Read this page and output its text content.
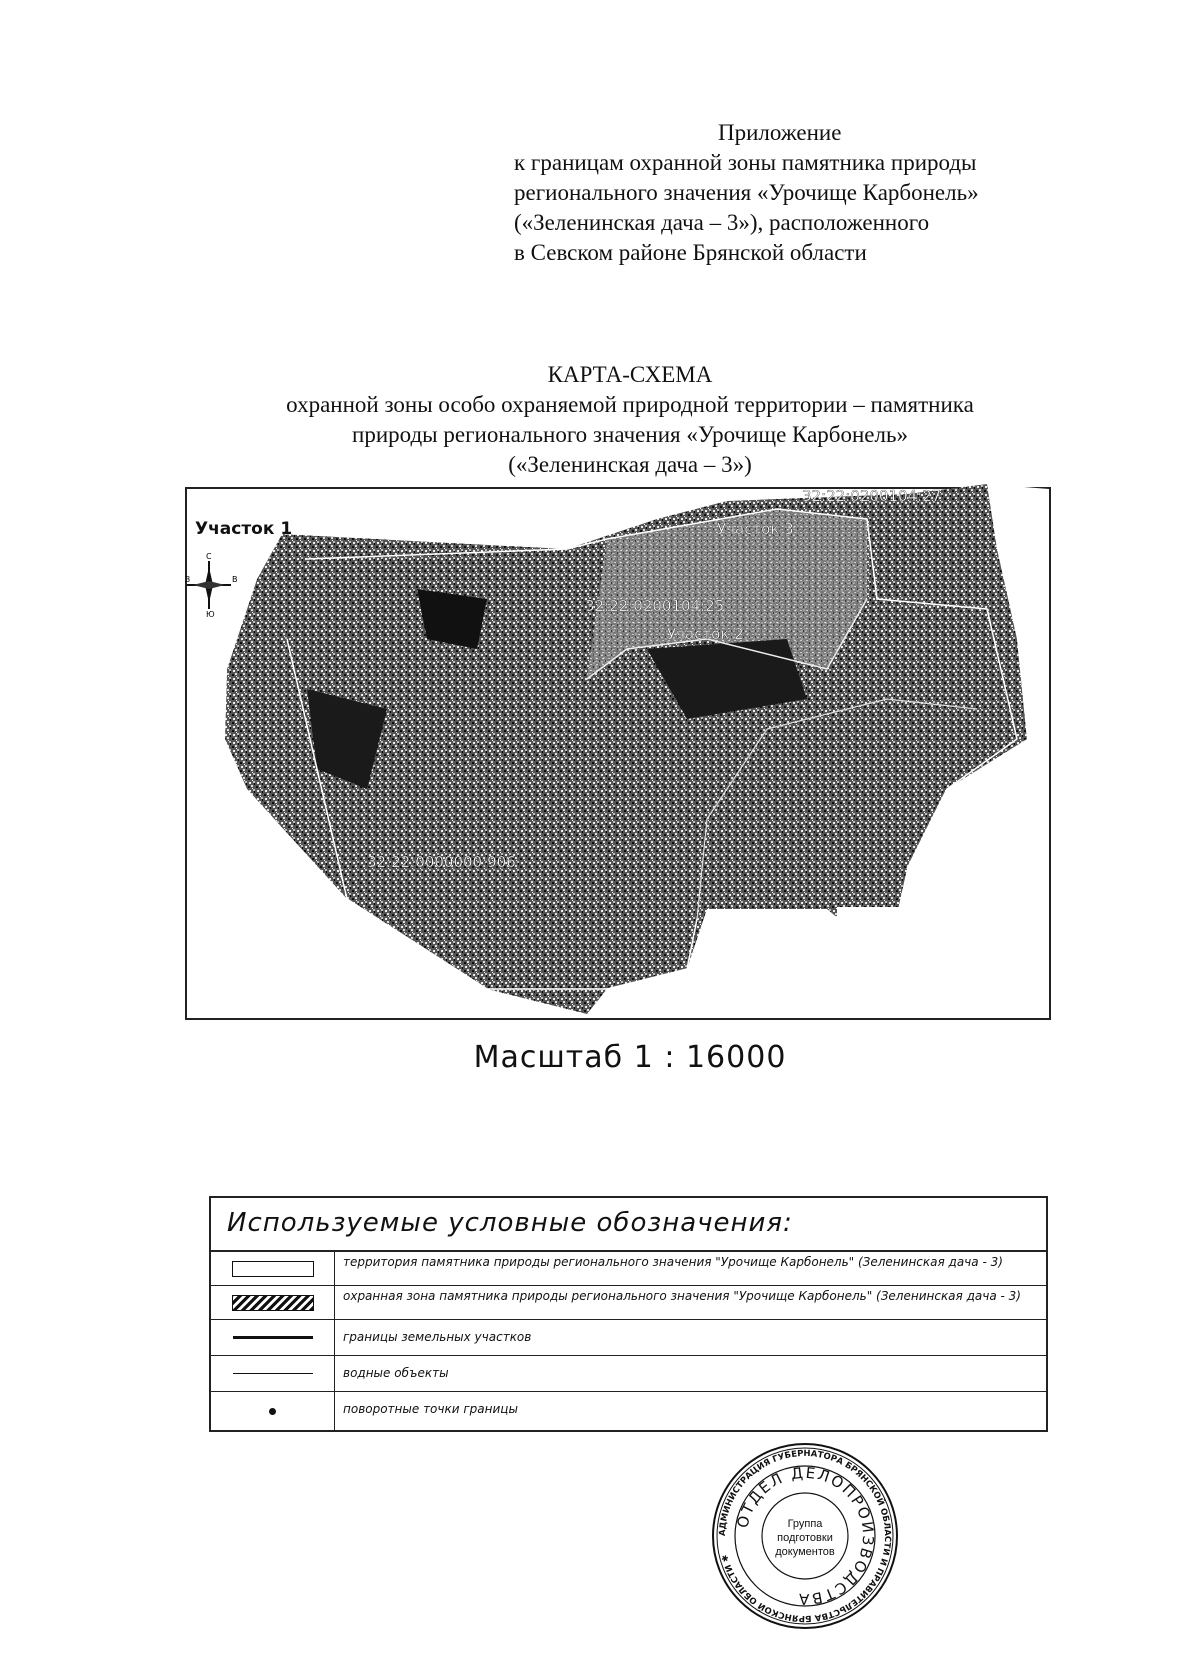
Приложение
к границам охранной зоны памятника природы
регионального значения «Урочище Карбонель»
(«Зеленинская дача – 3»), расположенного
в Севском районе Брянской области
КАРТА-СХЕМА
охранной зоны особо охраняемой природной территории – памятника
природы регионального значения «Урочище Карбонель»
(«Зеленинская дача – 3»)
С
Ю
З	В
Участок 1	Участок 3
Участок 2
32:22:0200104:27
32:22:0200104:25
32:22:0000000:906
Масштаб 1 : 16000
Используемые условные обозначения:
территория памятника природы регионального значения "Урочище Карбонель" (Зеленинская дача - 3)
охранная зона памятника природы регионального значения "Урочище Карбонель" (Зеленинская дача - 3)
границы земельных участков
водные объекты
поворотные точки границы
АДМИНИСТРАЦИЯ ГУБЕРНАТОРА БРЯНСКОЙ ОБЛАСТИ И ПРАВИТЕЛЬСТВА БРЯНСКОЙ ОБЛАСТИ ✱
ОТДЕЛ ДЕЛОПРОИЗВОДСТВА
Группа
подготовки
документов
